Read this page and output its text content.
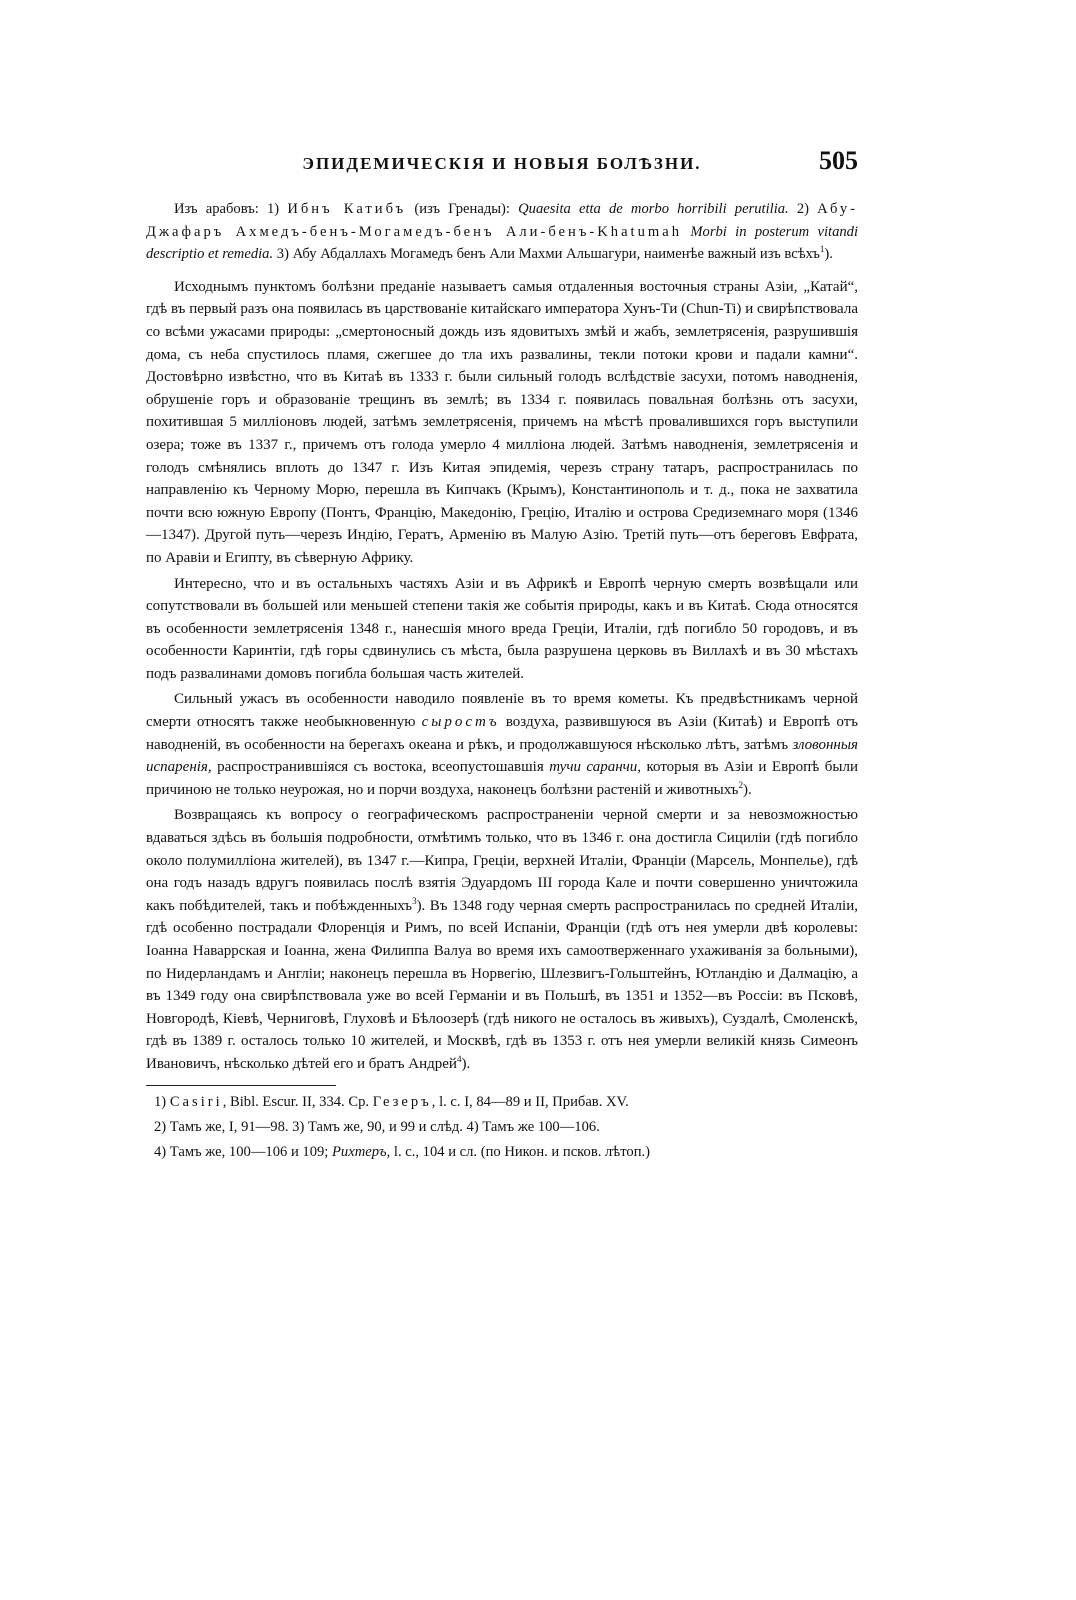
ЭПИДЕМИЧЕСКІЯ И НОВЫЯ БОЛѢЗНИ.	505

Изъ арабовъ: 1) Ибнъ Катибъ (изъ Гренады): Quaesita etta de morbo horribili perutilia. 2) Абу-Джафаръ Ахмедъ-бенъ-Могамедъ-бенъ Али-бенъ-Khatumah Morbi in posterum vitandi descriptio et remedia. 3) Абу Абдаллахъ Могамедъ бенъ Али Махми Альшагури, наименѣе важный изъ всѣхъ$^1$).

Исходнымъ пунктомъ болѣзни преданіе называетъ самыя отдаленныя восточныя страны Азіи, „Катай“, гдѣ въ первый разъ она появилась въ царствованіе китайскаго императора Хунъ-Ти (Chun-Ti) и свирѣпствовала со всѣми ужасами природы: „смертоносный дождь изъ ядовитыхъ змѣй и жабъ, землетрясенія, разрушившія дома, съ неба спустилось пламя, сжегшее до тла ихъ развалины, текли потоки крови и падали камни“. Достовѣрно извѣстно, что въ Китаѣ въ 1333 г. были сильный голодъ вслѣдствіе засухи, потомъ наводненія, обрушеніе горъ и образованіе трещинъ въ землѣ; въ 1334 г. появилась повальная болѣзнь отъ засухи, похитившая 5 милліоновъ людей, затѣмъ землетрясенія, причемъ на мѣстѣ провалившихся горъ выступили озера; тоже въ 1337 г., причемъ отъ голода умерло 4 милліона людей. Затѣмъ наводненія, землетрясенія и голодъ смѣнялись вплоть до 1347 г. Изъ Китая эпидемія, черезъ страну татаръ, распространилась по направленію къ Черному Морю, перешла въ Кипчакъ (Крымъ), Константинополь и т. д., пока не захватила почти всю южную Европу (Понтъ, Францію, Македонію, Грецію, Италію и острова Средиземнаго моря (1346—1347). Другой путь—черезъ Индію, Гератъ, Арменію въ Малую Азію. Третій путь—отъ береговъ Евфрата, по Аравіи и Египту, въ сѣверную Африку.

Интересно, что и въ остальныхъ частяхъ Азіи и въ Африкѣ и Европѣ черную смерть возвѣщали или сопутствовали въ большей или меньшей степени такія же событія природы, какъ и въ Китаѣ. Сюда относятся въ особенности землетрясенія 1348 г., нанесшія много вреда Греціи, Италіи, гдѣ погибло 50 городовъ, и въ особенности Каринтіи, гдѣ горы сдвинулись съ мѣста, была разрушена церковь въ Виллахѣ и въ 30 мѣстахъ подъ развалинами домовъ погибла большая часть жителей.

Сильный ужасъ въ особенности наводило появленіе въ то время кометы. Къ предвѣстникамъ черной смерти относятъ также необыкновенную сыростъ воздуха, развившуюся въ Азіи (Китаѣ) и Европѣ отъ наводненій, въ особенности на берегахъ океана и рѣкъ, и продолжавшуюся нѣсколько лѣтъ, затѣмъ зловонныя испаренія, распространившіяся съ востока, всеопустошавшія тучи саранчи, которыя въ Азіи и Европѣ были причиною не только неурожая, но и порчи воздуха, наконецъ болѣзни растеній и животныхъ$^2$).

Возвращаясь къ вопросу о географическомъ распространеніи черной смерти и за невозможностью вдаваться здѣсь въ большія подробности, отмѣтимъ только, что въ 1346 г. она достигла Сициліи (гдѣ погибло около полумилліона жителей), въ 1347 г.—Кипра, Греціи, верхней Италіи, Франціи (Марсель, Монпелье), гдѣ она годъ назадъ вдругъ появилась послѣ взятія Эдуардомъ III города Кале и почти совершенно уничтожила какъ побѣдителей, такъ и побѣжденныхъ$^3$). Въ 1348 году черная смерть распространилась по средней Италіи, гдѣ особенно пострадали Флоренція и Римъ, по всей Испаніи, Франціи (гдѣ отъ нея умерли двѣ королевы: Іоанна Наваррская и Іоанна, жена Филиппа Валуа во время ихъ самоотверженнаго ухаживанія за больными), по Нидерландамъ и Англіи; наконецъ перешла въ Норвегію, Шлезвигъ-Гольштейнъ, Ютландію и Далмацію, а въ 1349 году она свирѣпствовала уже во всей Германіи и въ Польшѣ, въ 1351 и 1352—въ Россіи: въ Псковѣ, Новгородѣ, Кіевѣ, Черниговѣ, Глуховѣ и Бѣлоозерѣ (гдѣ никого не осталось въ живыхъ), Суздалѣ, Смоленскѣ, гдѣ въ 1389 г. осталось только 10 жителей, и Москвѣ, гдѣ въ 1353 г. отъ нея умерли великій князь Симеонъ Ивановичъ, нѣсколько дѣтей его и братъ Андрей$^4$).

1) Casiri, Bibl. Escur. II, 334. Ср. Гезеръ, l. c. I, 84—89 и II, Прибав. XV.

2) Тамъ же, I, 91—98. 3) Тамъ же, 90, и 99 и слѣд. 4) Тамъ же 100—106.

4) Тамъ же, 100—106 и 109; Рихтеръ, l. c., 104 и сл. (по Никон. и псков. лѣтоп.)
